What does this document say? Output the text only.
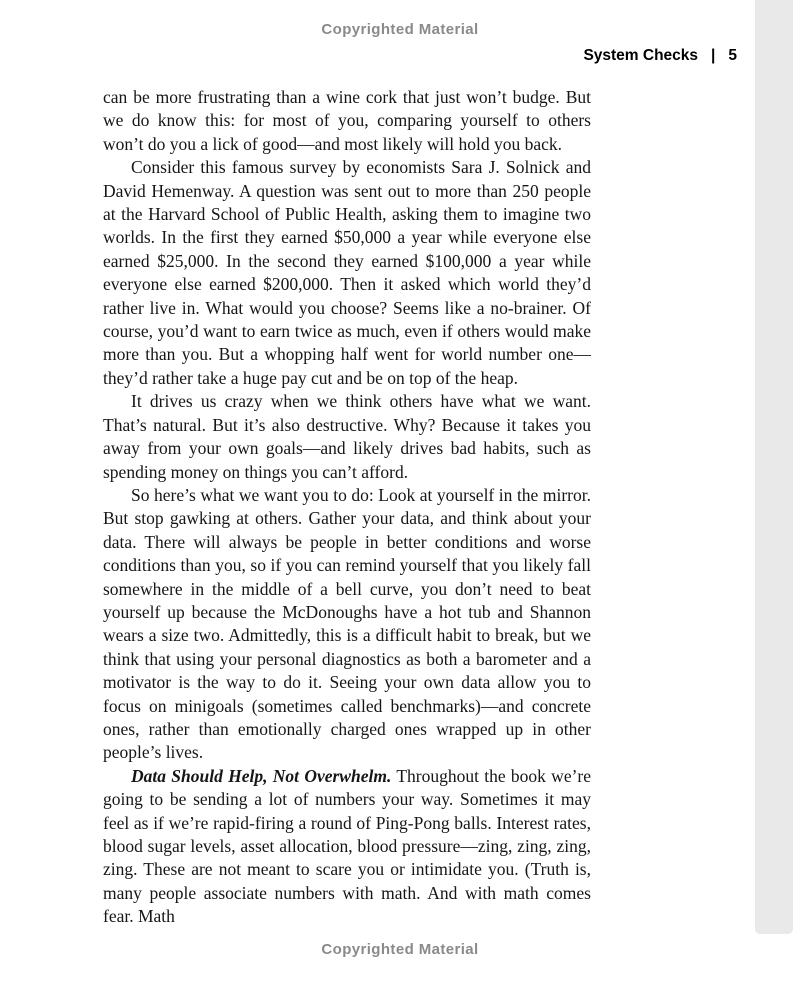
Copyrighted Material
System Checks | 5

can be more frustrating than a wine cork that just won’t budge. But we do know this: for most of you, comparing yourself to others won’t do you a lick of good—and most likely will hold you back.

Consider this famous survey by economists Sara J. Solnick and David Hemenway. A question was sent out to more than 250 people at the Harvard School of Public Health, asking them to imagine two worlds. In the first they earned $50,000 a year while everyone else earned $25,000. In the second they earned $100,000 a year while everyone else earned $200,000. Then it asked which world they’d rather live in. What would you choose? Seems like a no-brainer. Of course, you’d want to earn twice as much, even if others would make more than you. But a whopping half went for world number one—they’d rather take a huge pay cut and be on top of the heap.

It drives us crazy when we think others have what we want. That’s natural. But it’s also destructive. Why? Because it takes you away from your own goals—and likely drives bad habits, such as spending money on things you can’t afford.

So here’s what we want you to do: Look at yourself in the mirror. But stop gawking at others. Gather your data, and think about your data. There will always be people in better conditions and worse conditions than you, so if you can remind yourself that you likely fall somewhere in the middle of a bell curve, you don’t need to beat yourself up because the McDonoughs have a hot tub and Shannon wears a size two. Admittedly, this is a difficult habit to break, but we think that using your personal diagnostics as both a barometer and a motivator is the way to do it. Seeing your own data allow you to focus on minigoals (sometimes called benchmarks)—and concrete ones, rather than emotionally charged ones wrapped up in other people’s lives.

Data Should Help, Not Overwhelm. Throughout the book we’re going to be sending a lot of numbers your way. Sometimes it may feel as if we’re rapid-firing a round of Ping-Pong balls. Interest rates, blood sugar levels, asset allocation, blood pressure—zing, zing, zing, zing. These are not meant to scare you or intimidate you. (Truth is, many people associate numbers with math. And with math comes fear. Math

Copyrighted Material
